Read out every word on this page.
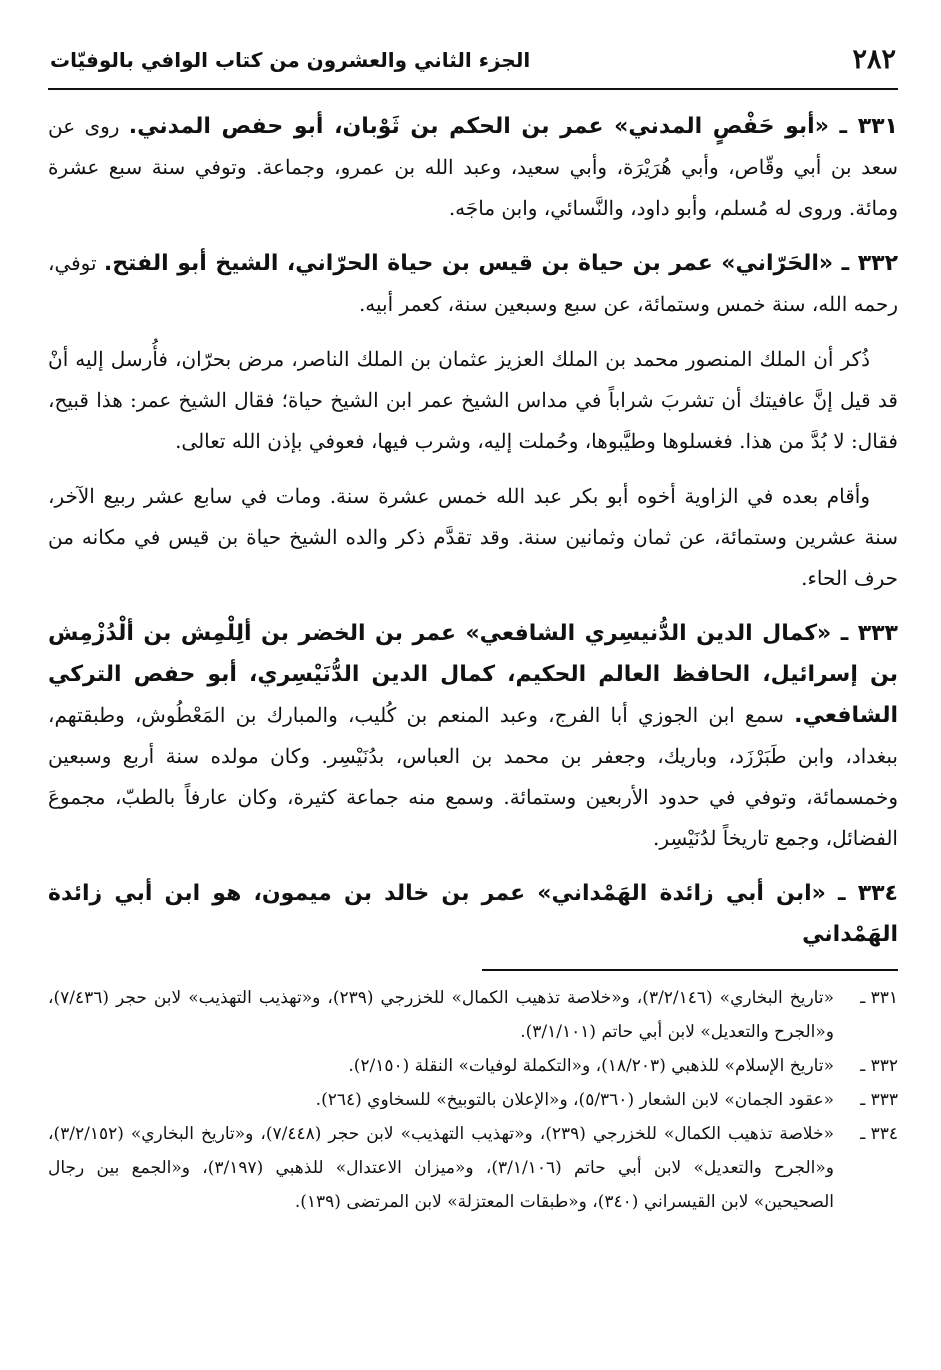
٢٨٢
الجزء الثاني والعشرون من كتاب الوافي بالوفيّات

٣٣١ ـ «أبو حَفْصٍ المدني» عمر بن الحكم بن ثَوْبان، أبو حفص المدني. روى عن سعد بن أبي وقّاص، وأبي هُرَيْرَة، وأبي سعيد، وعبد الله بن عمرو، وجماعة. وتوفي سنة سبع عشرة ومائة. وروى له مُسلم، وأبو داود، والنَّسائي، وابن ماجَه.

٣٣٢ ـ «الحَرّاني» عمر بن حياة بن قيس بن حياة الحرّاني، الشيخ أبو الفتح. توفي، رحمه الله، سنة خمس وستمائة، عن سبع وسبعين سنة، كعمر أبيه.

ذُكر أن الملك المنصور محمد بن الملك العزيز عثمان بن الملك الناصر، مرض بحرّان، فأُرسل إليه أنْ قد قيل إنَّ عافيتك أن تشربَ شراباً في مداس الشيخ عمر ابن الشيخ حياة؛ فقال الشيخ عمر: هذا قبيح، فقال: لا بُدَّ من هذا. فغسلوها وطيَّبوها، وحُملت إليه، وشرب فيها، فعوفي بإذن الله تعالى.

وأقام بعده في الزاوية أخوه أبو بكر عبد الله خمس عشرة سنة. ومات في سابع عشر ربيع الآخر، سنة عشرين وستمائة، عن ثمان وثمانين سنة. وقد تقدَّم ذكر والده الشيخ حياة بن قيس في مكانه من حرف الحاء.

٣٣٣ ـ «كمال الدين الدُّنيسِري الشافعي» عمر بن الخضر بن ألِلْمِش بن ألْدُزْمِش بن إسرائيل، الحافظ العالم الحكيم، كمال الدين الدُّنَيْسِري، أبو حفص التركي الشافعي. سمع ابن الجوزي أبا الفرج، وعبد المنعم بن كُليب، والمبارك بن المَعْطُوش، وطبقتهم، ببغداد، وابن طَبَرْزَد، وباريك، وجعفر بن محمد بن العباس، بدُنَيْسِر. وكان مولده سنة أربع وسبعين وخمسمائة، وتوفي في حدود الأربعين وستمائة. وسمع منه جماعة كثيرة، وكان عارفاً بالطبّ، مجموعَ الفضائل، وجمع تاريخاً لدُنَيْسِر.

٣٣٤ ـ «ابن أبي زائدة الهَمْداني» عمر بن خالد بن ميمون، هو ابن أبي زائدة الهَمْداني

٣٣١ ـ
«تاريخ البخاري» (٣/٢/١٤٦)، و«خلاصة تذهيب الكمال» للخزرجي (٢٣٩)، و«تهذيب التهذيب» لابن حجر (٧/٤٣٦)، و«الجرح والتعديل» لابن أبي حاتم (٣/١/١٠١).
٣٣٢ ـ
«تاريخ الإسلام» للذهبي (١٨/٢٠٣)، و«التكملة لوفيات» النقلة (٢/١٥٠).
٣٣٣ ـ
«عقود الجمان» لابن الشعار (٥/٣٦٠)، و«الإعلان بالتوبيخ» للسخاوي (٢٦٤).
٣٣٤ ـ
«خلاصة تذهيب الكمال» للخزرجي (٢٣٩)، و«تهذيب التهذيب» لابن حجر (٧/٤٤٨)، و«تاريخ البخاري» (٣/٢/١٥٢)، و«الجرح والتعديل» لابن أبي حاتم (٣/١/١٠٦)، و«ميزان الاعتدال» للذهبي (٣/١٩٧)، و«الجمع بين رجال الصحيحين» لابن القيسراني (٣٤٠)، و«طبقات المعتزلة» لابن المرتضى (١٣٩).
